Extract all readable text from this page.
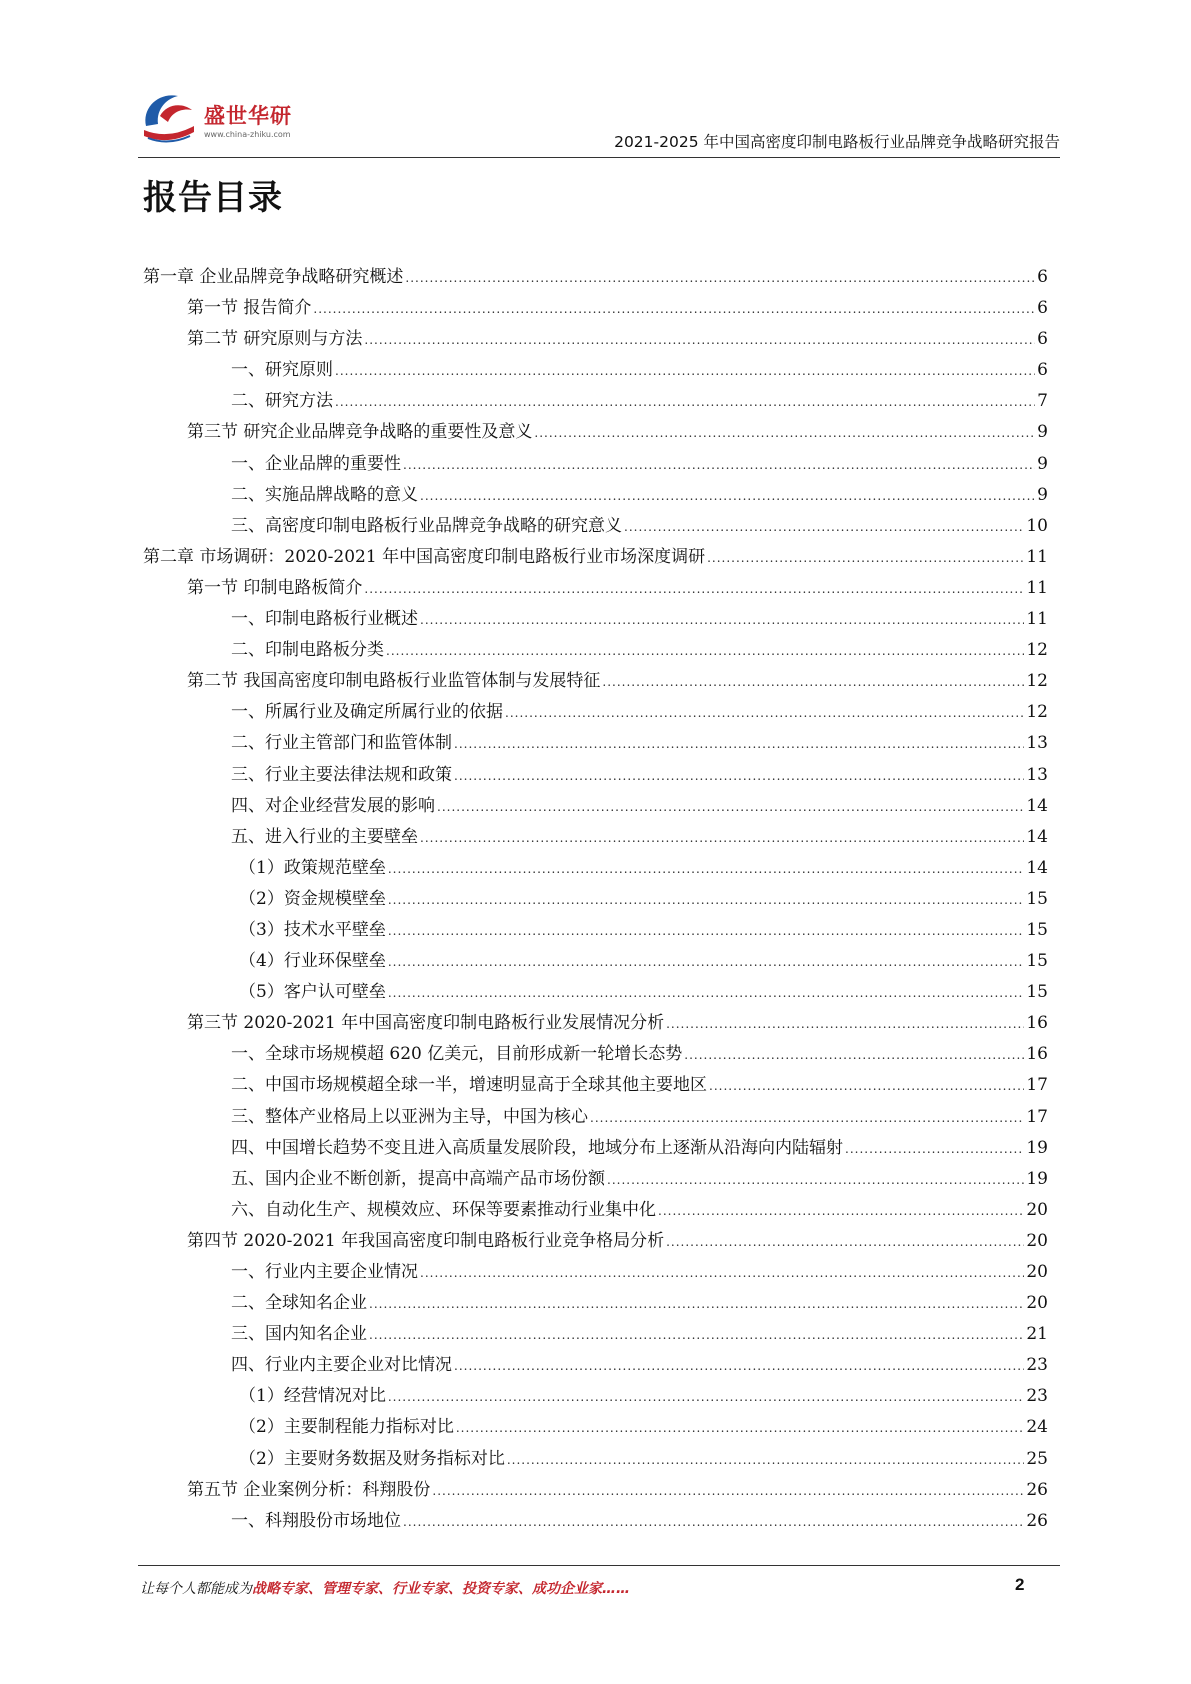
盛世华研
www.china-zhiku.com	2021-2025 年中国高密度印制电路板行业品牌竞争战略研究报告
报告目录
第一章 企业品牌竞争战略研究概述 .....	6
第一节 报告简介 .....	6
第二节 研究原则与方法 .....	6
一、研究原则 .....	6
二、研究方法 .....	7
第三节 研究企业品牌竞争战略的重要性及意义 .....	9
一、企业品牌的重要性 .....	9
二、实施品牌战略的意义 .....	9
三、高密度印制电路板行业品牌竞争战略的研究意义 .....	10
第二章 市场调研：2020-2021 年中国高密度印制电路板行业市场深度调研 .....	11
第一节 印制电路板简介 .....	11
一、印制电路板行业概述 .....	11
二、印制电路板分类 .....	12
第二节 我国高密度印制电路板行业监管体制与发展特征 .....	12
一、所属行业及确定所属行业的依据 .....	12
二、行业主管部门和监管体制 .....	13
三、行业主要法律法规和政策 .....	13
四、对企业经营发展的影响 .....	14
五、进入行业的主要壁垒 .....	14
（1）政策规范壁垒 .....	14
（2）资金规模壁垒 .....	15
（3）技术水平壁垒 .....	15
（4）行业环保壁垒 .....	15
（5）客户认可壁垒 .....	15
第三节 2020-2021 年中国高密度印制电路板行业发展情况分析 .....	16
一、全球市场规模超 620 亿美元，目前形成新一轮增长态势 .....	16
二、中国市场规模超全球一半，增速明显高于全球其他主要地区 .....	17
三、整体产业格局上以亚洲为主导，中国为核心 .....	17
四、中国增长趋势不变且进入高质量发展阶段，地域分布上逐渐从沿海向内陆辐射 .....	19
五、国内企业不断创新，提高中高端产品市场份额 .....	19
六、自动化生产、规模效应、环保等要素推动行业集中化 .....	20
第四节 2020-2021 年我国高密度印制电路板行业竞争格局分析 .....	20
一、行业内主要企业情况 .....	20
二、全球知名企业 .....	20
三、国内知名企业 .....	21
四、行业内主要企业对比情况 .....	23
（1）经营情况对比 .....	23
（2）主要制程能力指标对比 .....	24
（2）主要财务数据及财务指标对比 .....	25
第五节 企业案例分析：科翔股份 .....	26
一、科翔股份市场地位 .....	26
让每个人都能成为战略专家、管理专家、行业专家、投资专家、成功企业家……	2
